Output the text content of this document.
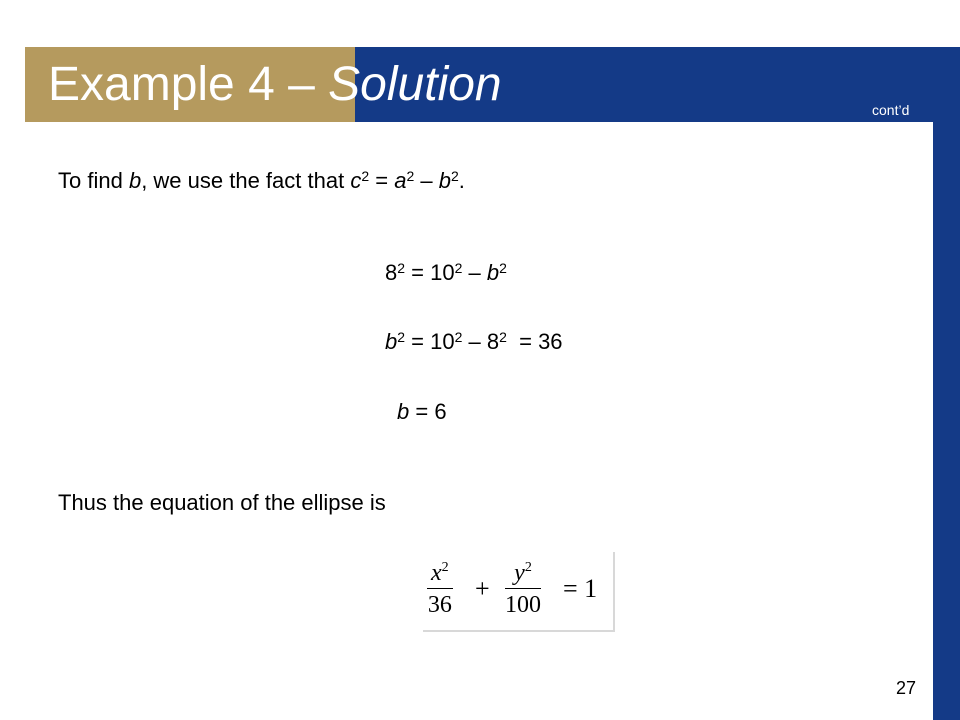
Example 4 – Solution	cont’d
To find b, we use the fact that $c^2 = a^2 - b^2$.
$8^2 = 10^2 - b^2$
$b^2 = 10^2 - 8^2 = 36$
b = 6
Thus the equation of the ellipse is
$\frac{x^2}{36} + \frac{y^2}{100} = 1$
27
